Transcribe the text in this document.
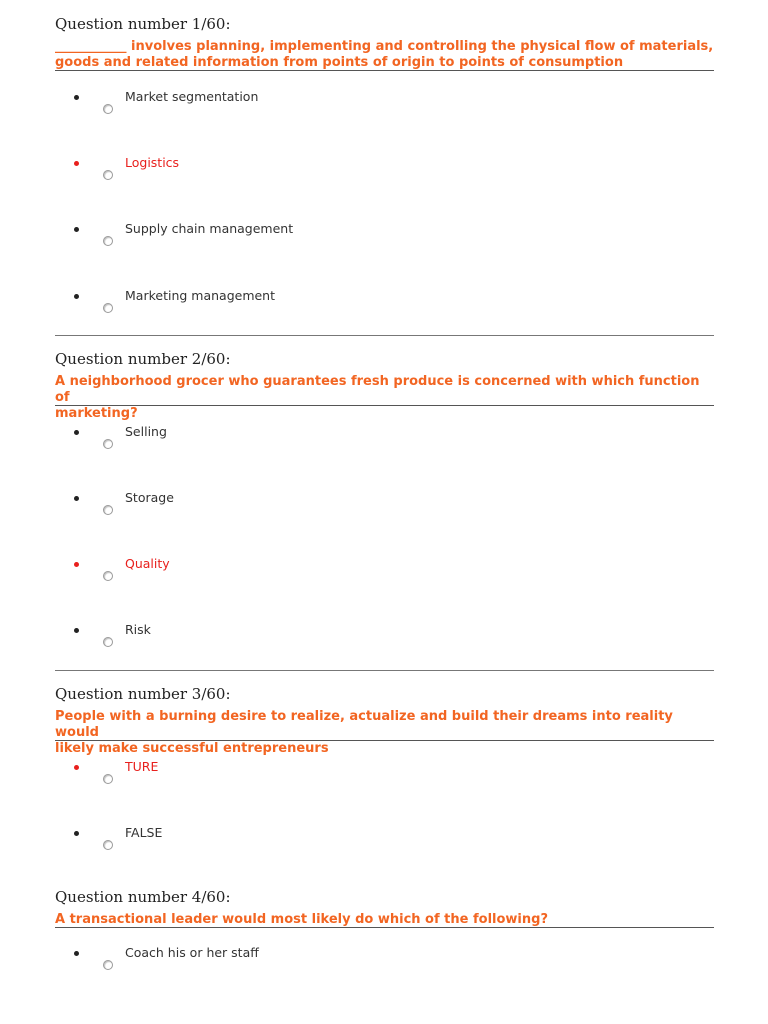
Question number 1/60:
___________ involves planning, implementing and controlling the physical flow of materials,
goods and related information from points of origin to points of consumption
Market segmentation
Logistics
Supply chain management
Marketing management
Question number 2/60:
A neighborhood grocer who guarantees fresh produce is concerned with which function of
marketing?
Selling
Storage
Quality
Risk
Question number 3/60:
People with a burning desire to realize, actualize and build their dreams into reality would
likely make successful entrepreneurs
TURE
FALSE
Question number 4/60:
A transactional leader would most likely do which of the following?
Coach his or her staff
